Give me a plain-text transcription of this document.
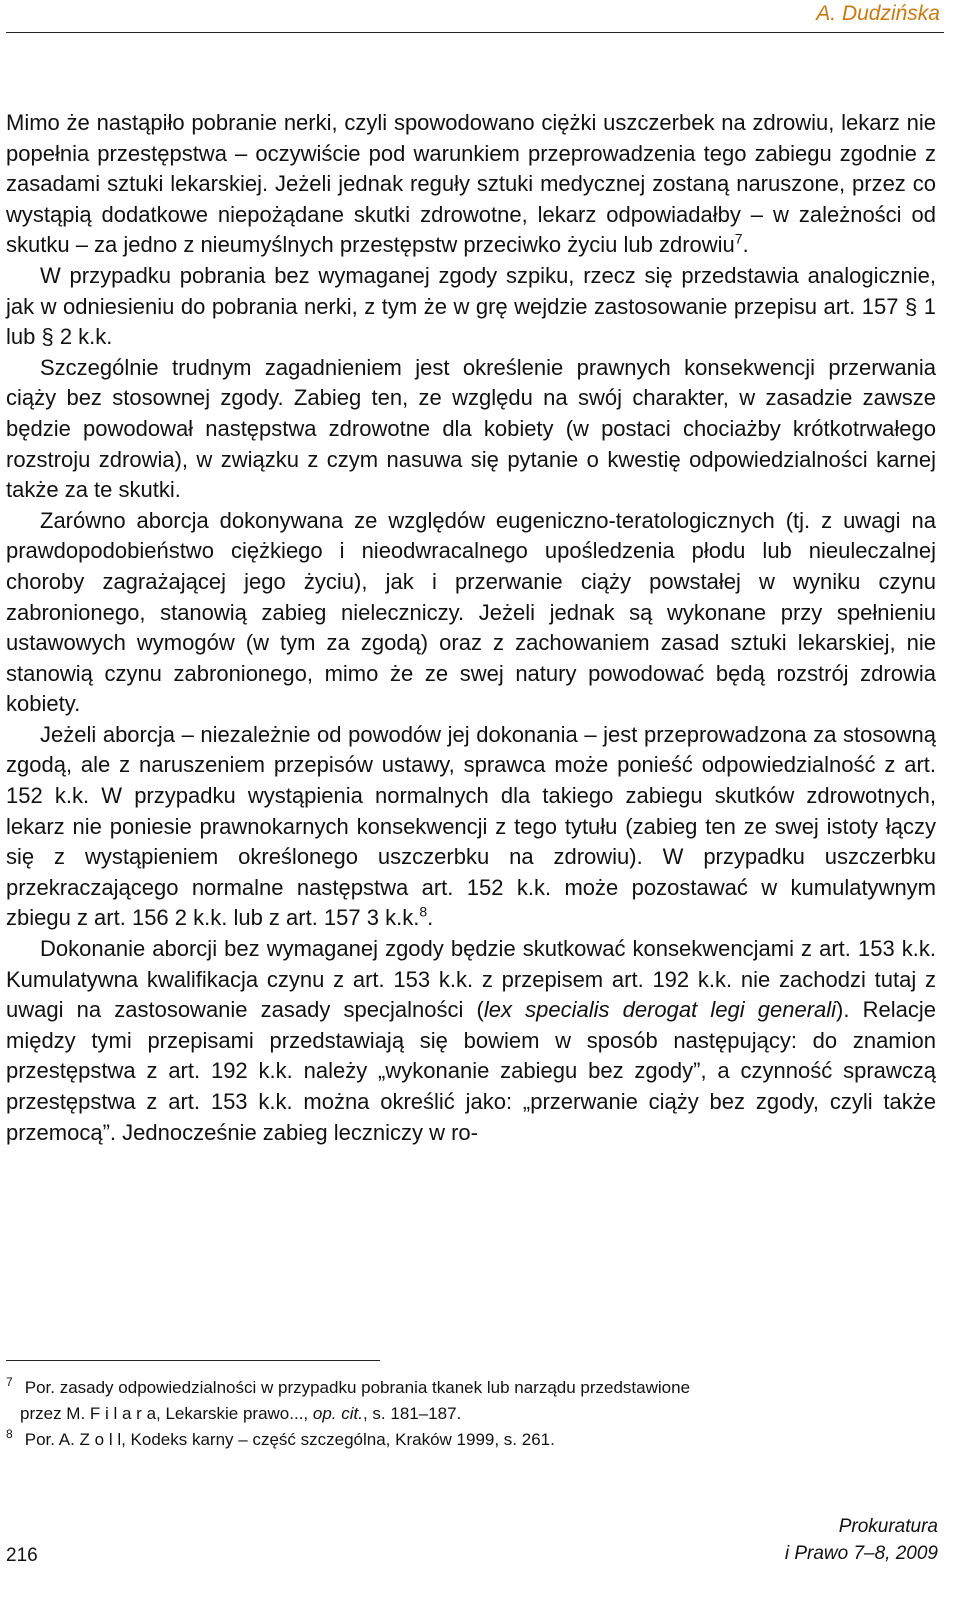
A. Dudzińska

Mimo że nastąpiło pobranie nerki, czyli spowodowano ciężki uszczerbek na zdrowiu, lekarz nie popełnia przestępstwa – oczywiście pod warunkiem przeprowadzenia tego zabiegu zgodnie z zasadami sztuki lekarskiej. Jeżeli jednak reguły sztuki medycznej zostaną naruszone, przez co wystąpią dodatkowe niepożądane skutki zdrowotne, lekarz odpowiadałby – w zależności od skutku – za jedno z nieumyślnych przestępstw przeciwko życiu lub zdrowiu$^7$.

W przypadku pobrania bez wymaganej zgody szpiku, rzecz się przedstawia analogicznie, jak w odniesieniu do pobrania nerki, z tym że w grę wejdzie zastosowanie przepisu art. 157 § 1 lub § 2 k.k.

Szczególnie trudnym zagadnieniem jest określenie prawnych konsekwencji przerwania ciąży bez stosownej zgody. Zabieg ten, ze względu na swój charakter, w zasadzie zawsze będzie powodował następstwa zdrowotne dla kobiety (w postaci chociażby krótkotrwałego rozstroju zdrowia), w związku z czym nasuwa się pytanie o kwestię odpowiedzialności karnej także za te skutki.

Zarówno aborcja dokonywana ze względów eugeniczno-teratologicznych (tj. z uwagi na prawdopodobieństwo ciężkiego i nieodwracalnego upośledzenia płodu lub nieuleczalnej choroby zagrażającej jego życiu), jak i przerwanie ciąży powstałej w wyniku czynu zabronionego, stanowią zabieg nieleczniczy. Jeżeli jednak są wykonane przy spełnieniu ustawowych wymogów (w tym za zgodą) oraz z zachowaniem zasad sztuki lekarskiej, nie stanowią czynu zabronionego, mimo że ze swej natury powodować będą rozstrój zdrowia kobiety.

Jeżeli aborcja – niezależnie od powodów jej dokonania – jest przeprowadzona za stosowną zgodą, ale z naruszeniem przepisów ustawy, sprawca może ponieść odpowiedzialność z art. 152 k.k. W przypadku wystąpienia normalnych dla takiego zabiegu skutków zdrowotnych, lekarz nie poniesie prawnokarnych konsekwencji z tego tytułu (zabieg ten ze swej istoty łączy się z wystąpieniem określonego uszczerbku na zdrowiu). W przypadku uszczerbku przekraczającego normalne następstwa art. 152 k.k. może pozostawać w kumulatywnym zbiegu z art. 156 2 k.k. lub z art. 157 3 k.k.$^8$.

Dokonanie aborcji bez wymaganej zgody będzie skutkować konsekwencjami z art. 153 k.k. Kumulatywna kwalifikacja czynu z art. 153 k.k. z przepisem art. 192 k.k. nie zachodzi tutaj z uwagi na zastosowanie zasady specjalności (lex specialis derogat legi generali). Relacje między tymi przepisami przedstawiają się bowiem w sposób następujący: do znamion przestępstwa z art. 192 k.k. należy „wykonanie zabiegu bez zgody”, a czynność sprawczą przestępstwa z art. 153 k.k. można określić jako: „przerwanie ciąży bez zgody, czyli także przemocą”. Jednocześnie zabieg leczniczy w ro-

$^7$ Por. zasady odpowiedzialności w przypadku pobrania tkanek lub narządu przedstawione

przez M. F i l a r a, Lekarskie prawo..., op. cit., s. 181–187.

$^8$ Por. A. Z o l l, Kodeks karny – część szczególna, Kraków 1999, s. 261.

216
Prokuratura
i Prawo 7–8, 2009
